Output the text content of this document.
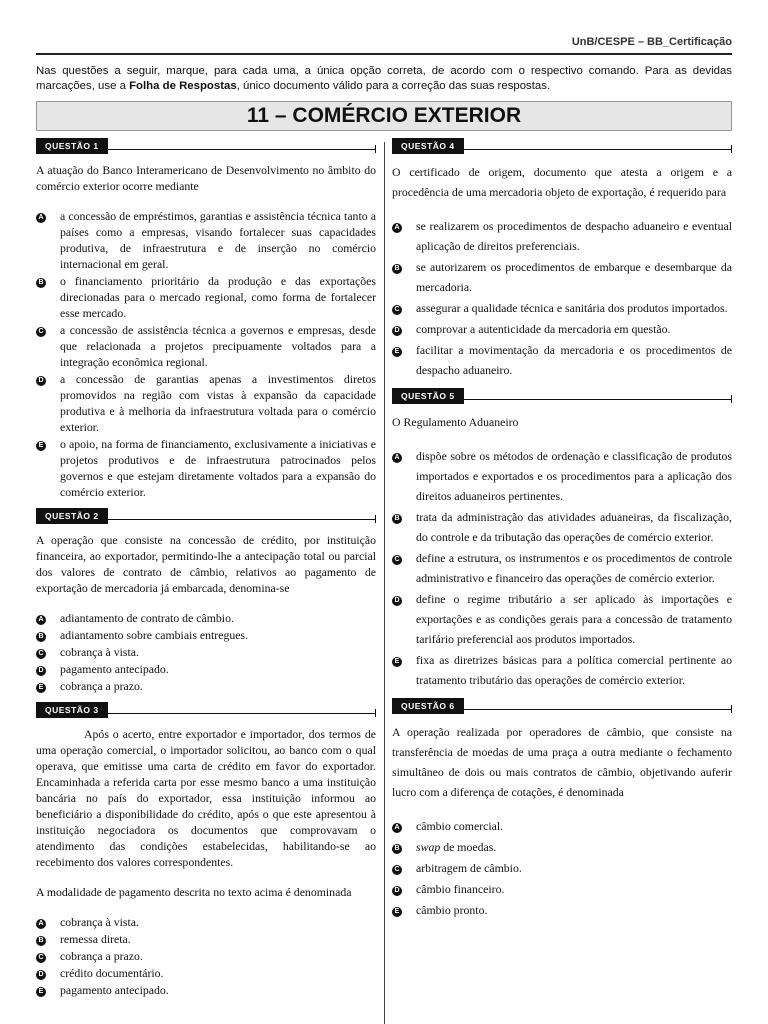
UnB/CESPE – BB_Certificação
Nas questões a seguir, marque, para cada uma, a única opção correta, de acordo com o respectivo comando. Para as devidas marcações, use a Folha de Respostas, único documento válido para a correção das suas respostas.
11 – COMÉRCIO EXTERIOR
QUESTÃO 1

A atuação do Banco Interamericano de Desenvolvimento no âmbito do comércio exterior ocorre mediante

A	a concessão de empréstimos, garantias e assistência técnica tanto a países como a empresas, visando fortalecer suas capacidades produtiva, de infraestrutura e de inserção no comércio internacional em geral.
B	o financiamento prioritário da produção e das exportações direcionadas para o mercado regional, como forma de fortalecer esse mercado.
C	a concessão de assistência técnica a governos e empresas, desde que relacionada a projetos precipuamente voltados para a integração econômica regional.
D	a concessão de garantias apenas a investimentos diretos promovidos na região com vistas à expansão da capacidade produtiva e à melhoria da infraestrutura voltada para o comércio exterior.
E	o apoio, na forma de financiamento, exclusivamente a iniciativas e projetos produtivos e de infraestrutura patrocinados pelos governos e que estejam diretamente voltados para a expansão do comércio exterior.
QUESTÃO 2

A operação que consiste na concessão de crédito, por instituição financeira, ao exportador, permitindo-lhe a antecipação total ou parcial dos valores de contrato de câmbio, relativos ao pagamento de exportação de mercadoria já embarcada, denomina-se

A	adiantamento de contrato de câmbio.
B	adiantamento sobre cambiais entregues.
C	cobrança à vista.
D	pagamento antecipado.
E	cobrança a prazo.
QUESTÃO 3

Após o acerto, entre exportador e importador, dos termos de uma operação comercial, o importador solicitou, ao banco com o qual operava, que emitisse uma carta de crédito em favor do exportador. Encaminhada a referida carta por esse mesmo banco a uma instituição bancária no país do exportador, essa instituição informou ao beneficiário a disponibilidade do crédito, após o que este apresentou à instituição negociadora os documentos que comprovavam o atendimento das condições estabelecidas, habilitando-se ao recebimento dos valores correspondentes.

A modalidade de pagamento descrita no texto acima é denominada

A	cobrança à vista.
B	remessa direta.
C	cobrança a prazo.
D	crédito documentário.
E	pagamento antecipado.
QUESTÃO 4

O certificado de origem, documento que atesta a origem e a procedência de uma mercadoria objeto de exportação, é requerido para

A	se realizarem os procedimentos de despacho aduaneiro e eventual aplicação de direitos preferenciais.
B	se autorizarem os procedimentos de embarque e desembarque da mercadoria.
C	assegurar a qualidade técnica e sanitária dos produtos importados.
D	comprovar a autenticidade da mercadoria em questão.
E	facilitar a movimentação da mercadoria e os procedimentos de despacho aduaneiro.
QUESTÃO 5

O Regulamento Aduaneiro

A	dispõe sobre os métodos de ordenação e classificação de produtos importados e exportados e os procedimentos para a aplicação dos direitos aduaneiros pertinentes.
B	trata da administração das atividades aduaneiras, da fiscalização, do controle e da tributação das operações de comércio exterior.
C	define a estrutura, os instrumentos e os procedimentos de controle administrativo e financeiro das operações de comércio exterior.
D	define o regime tributário a ser aplicado às importações e exportações e as condições gerais para a concessão de tratamento tarifário preferencial aos produtos importados.
E	fixa as diretrizes básicas para a política comercial pertinente ao tratamento tributário das operações de comércio exterior.
QUESTÃO 6

A operação realizada por operadores de câmbio, que consiste na transferência de moedas de uma praça a outra mediante o fechamento simultâneo de dois ou mais contratos de câmbio, objetivando auferir lucro com a diferença de cotações, é denominada

A	câmbio comercial.
B	swap de moedas.
C	arbitragem de câmbio.
D	câmbio financeiro.
E	câmbio pronto.
